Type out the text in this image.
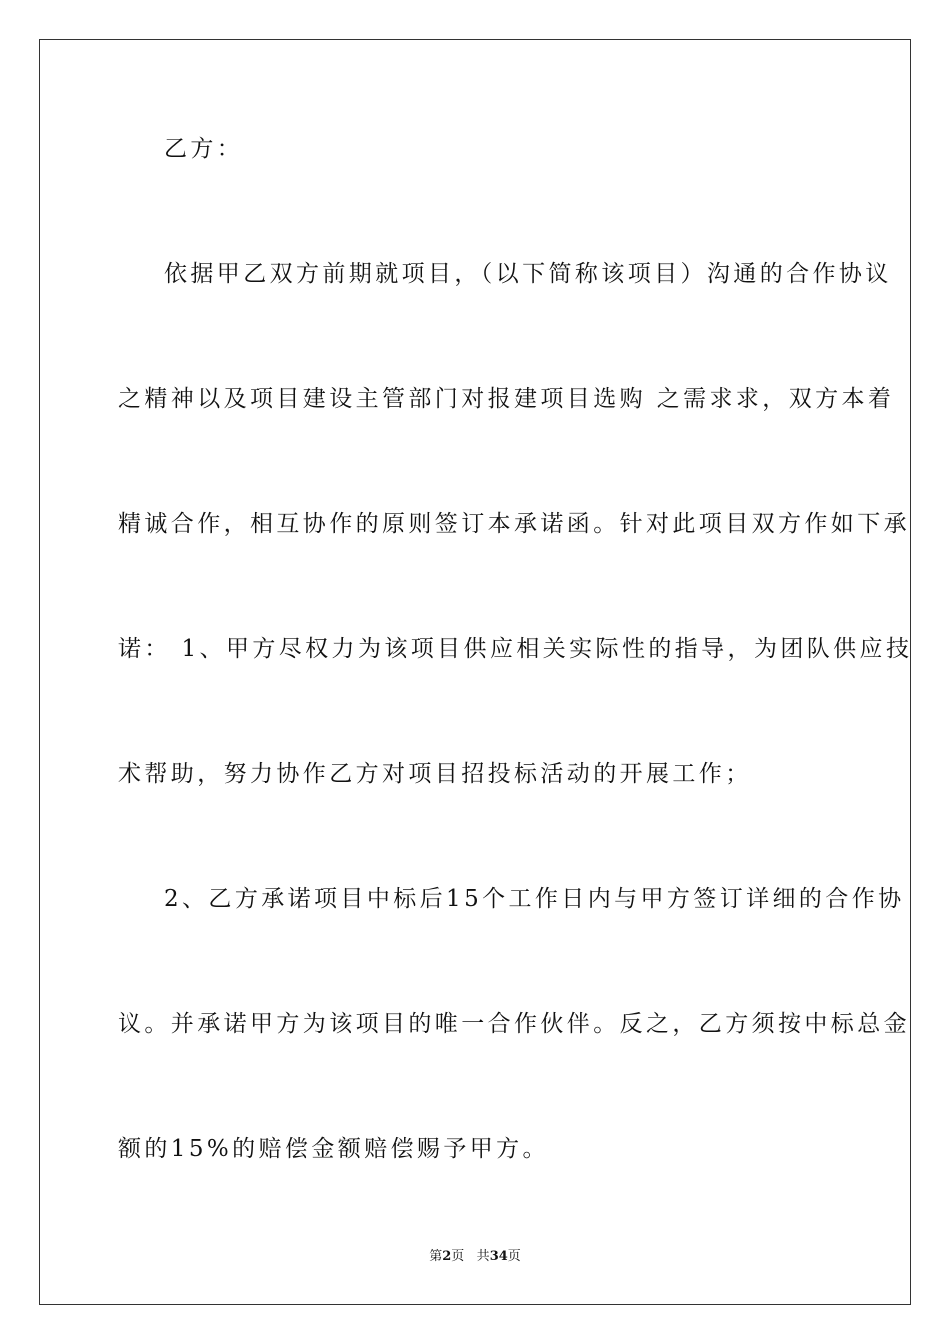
乙方：
依据甲乙双方前期就项目，（以下简称该项目）沟通的合作协议
之精神以及项目建设主管部门对报建项目选购 之需求求，双方本着
精诚合作，相互协作的原则签订本承诺函。针对此项目双方作如下承
诺： 1、甲方尽权力为该项目供应相关实际性的指导，为团队供应技
术帮助，努力协作乙方对项目招投标活动的开展工作；
2、乙方承诺项目中标后15个工作日内与甲方签订详细的合作协
议。并承诺甲方为该项目的唯一合作伙伴。反之，乙方须按中标总金
额的15%的赔偿金额赔偿赐予甲方。
第2页 共34页
